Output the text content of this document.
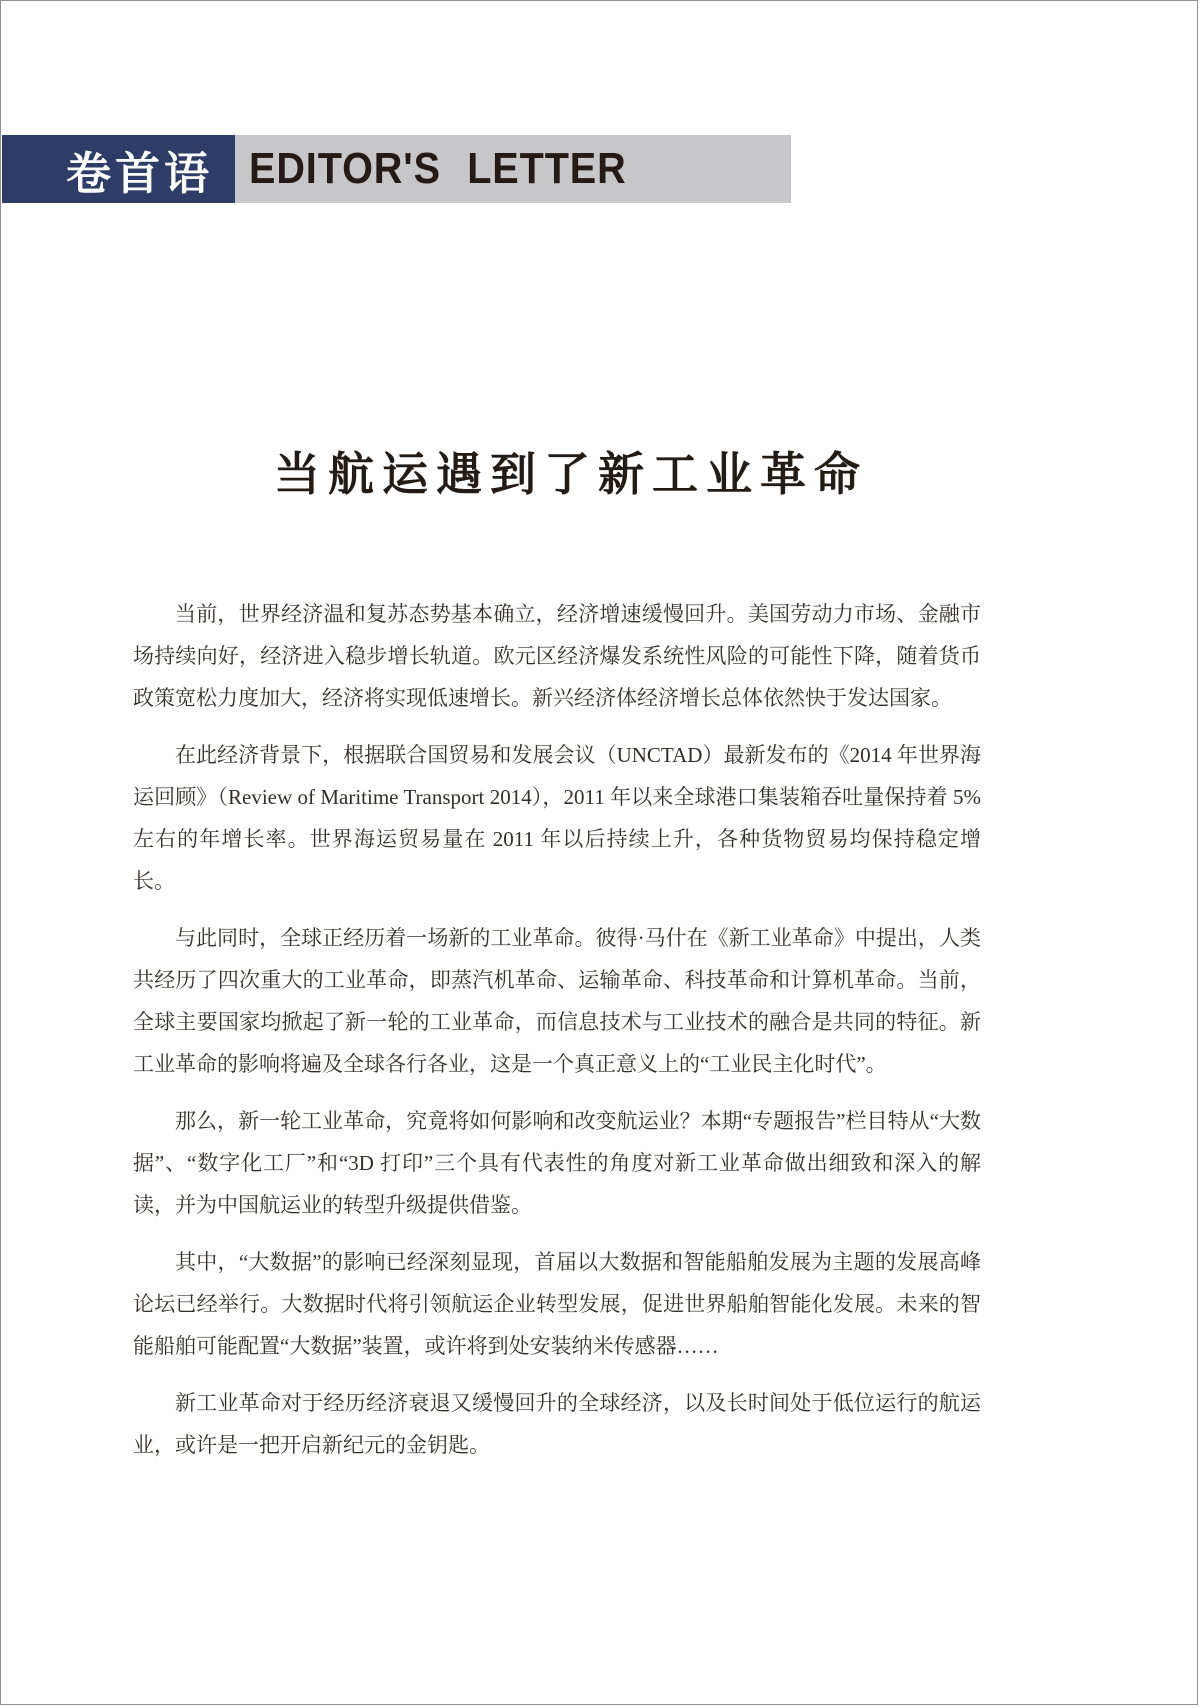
卷首语 EDITOR'S LETTER
当航运遇到了新工业革命

当前，世界经济温和复苏态势基本确立，经济增速缓慢回升。美国劳动力市场、金融市场持续向好，经济进入稳步增长轨道。欧元区经济爆发系统性风险的可能性下降，随着货币政策宽松力度加大，经济将实现低速增长。新兴经济体经济增长总体依然快于发达国家。

在此经济背景下，根据联合国贸易和发展会议（UNCTAD）最新发布的《2014 年世界海运回顾》（Review of Maritime Transport 2014），2011 年以来全球港口集装箱吞吐量保持着 5%左右的年增长率。世界海运贸易量在 2011 年以后持续上升，各种货物贸易均保持稳定增长。

与此同时，全球正经历着一场新的工业革命。彼得·马什在《新工业革命》中提出，人类共经历了四次重大的工业革命，即蒸汽机革命、运输革命、科技革命和计算机革命。当前，全球主要国家均掀起了新一轮的工业革命，而信息技术与工业技术的融合是共同的特征。新工业革命的影响将遍及全球各行各业，这是一个真正意义上的“工业民主化时代”。

那么，新一轮工业革命，究竟将如何影响和改变航运业？本期“专题报告”栏目特从“大数据”、“数字化工厂”和“3D 打印”三个具有代表性的角度对新工业革命做出细致和深入的解读，并为中国航运业的转型升级提供借鉴。

其中，“大数据”的影响已经深刻显现，首届以大数据和智能船舶发展为主题的发展高峰论坛已经举行。大数据时代将引领航运企业转型发展，促进世界船舶智能化发展。未来的智能船舶可能配置“大数据”装置，或许将到处安装纳米传感器……

新工业革命对于经历经济衰退又缓慢回升的全球经济，以及长时间处于低位运行的航运业，或许是一把开启新纪元的金钥匙。
